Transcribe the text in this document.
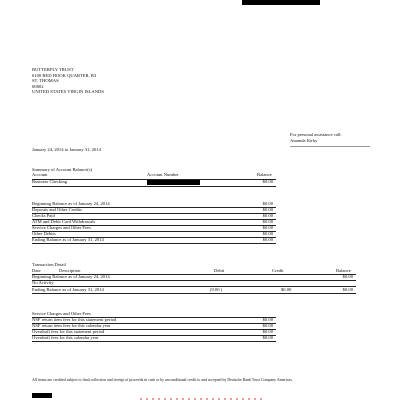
BUTTERFLY TRUST
6100 RED HOOK QUARTER, B3
ST. THOMAS
00802
UNITED STATES VIRGIN ISLANDS
For personal assistance call:
Amanda Kirby
January 24, 2014 to January 31, 2014
Summary of Account Balance(s)
Account	Account Number	Balance
Business Checking	$0.00
Beginning Balance as of January 24, 2014	$0.00
Deposits and Other Credits	$0.00
Checks Paid	$0.00
ATM and Debit Card Withdrawals	$0.00
Service Charges and Other Fees	$0.00
Other Debits	$0.00
Ending Balance as of January 31, 2014	$0.00
Transaction Detail
Date	Description	Debit	Credit	Balance
Beginning Balance as of January 24, 2014	$0.00
No Activity
Ending Balance as of January 31, 2014	(0.00 )	$0.00	$0.00
Service Charges and Other Fees
NSF return item fees for this statement period	$0.00
NSF return item fees for this calendar year	$0.00
Overdraft fees for this statement period	$0.00
Overdraft fees for this calendar year	$0.00
All items are credited subject to final collection and receipt of proceeds in cash or by unconditional credit to and accepted by Deutsche Bank Trust Company Americas.
